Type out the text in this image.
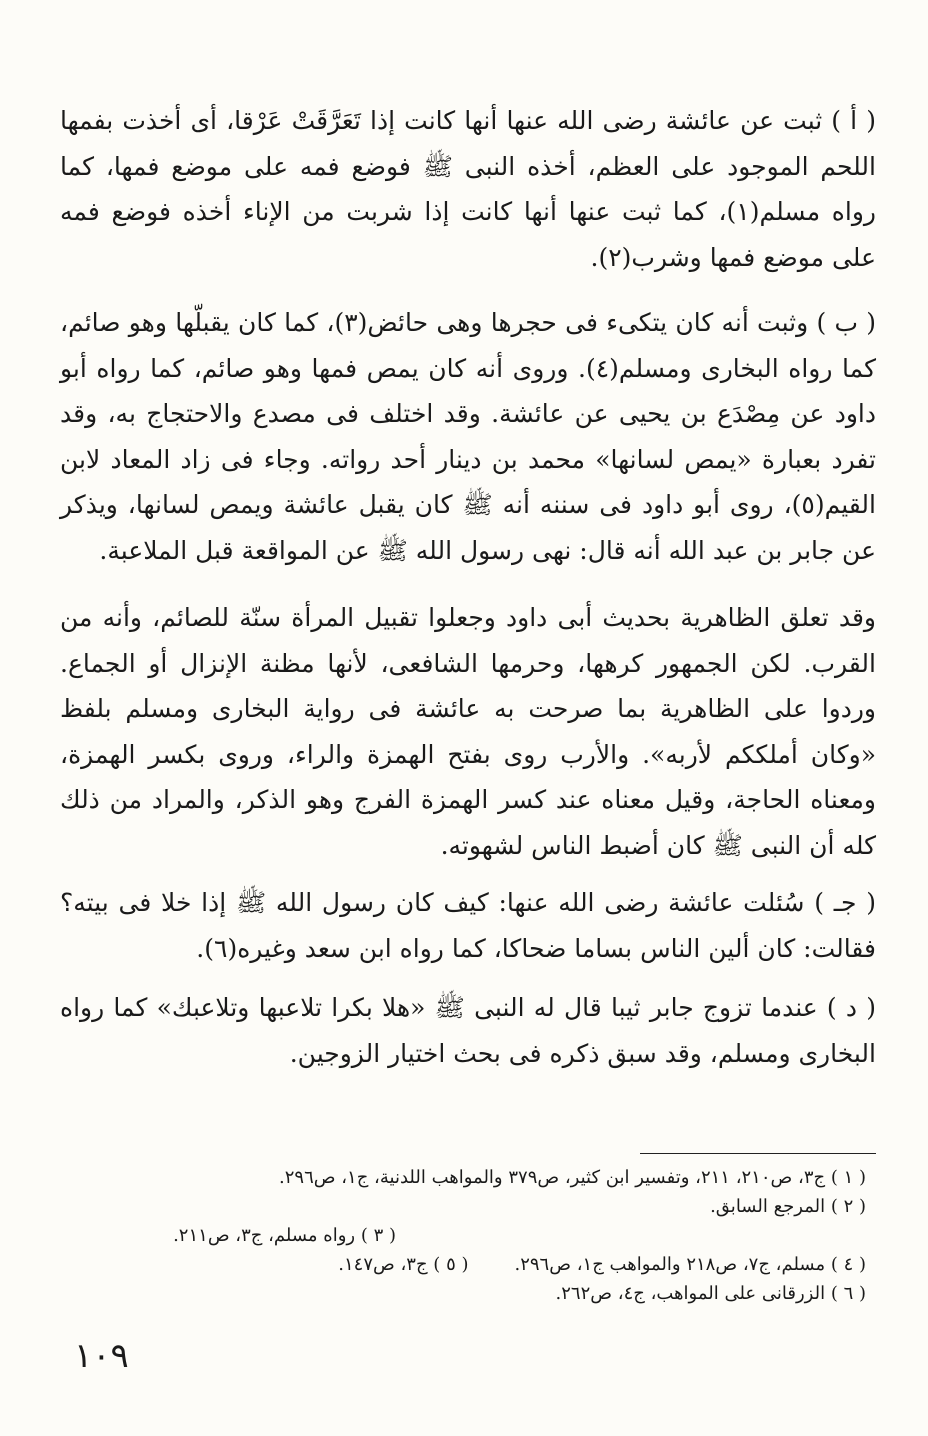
( أ ) ثبت عن عائشة رضى الله عنها أنها كانت إذا تَعَرَّقَتْ عَرْقا، أى أخذت بفمها اللحم الموجود على العظم، أخذه النبى ﷺ فوضع فمه على موضع فمها، كما رواه مسلم(١)، كما ثبت عنها أنها كانت إذا شربت من الإناء أخذه فوضع فمه على موضع فمها وشرب(٢).

( ب ) وثبت أنه كان يتكىء فى حجرها وهى حائض(٣)، كما كان يقبلّها وهو صائم، كما رواه البخارى ومسلم(٤). وروى أنه كان يمص فمها وهو صائم، كما رواه أبو داود عن مِصْدَع بن يحيى عن عائشة. وقد اختلف فى مصدع والاحتجاج به، وقد تفرد بعبارة «يمص لسانها» محمد بن دينار أحد رواته. وجاء فى زاد المعاد لابن القيم(٥)، روى أبو داود فى سننه أنه ﷺ كان يقبل عائشة ويمص لسانها، ويذكر عن جابر بن عبد الله أنه قال: نهى رسول الله ﷺ عن المواقعة قبل الملاعبة.

وقد تعلق الظاهرية بحديث أبى داود وجعلوا تقبيل المرأة سنّة للصائم، وأنه من القرب. لكن الجمهور كرهها، وحرمها الشافعى، لأنها مظنة الإنزال أو الجماع. وردوا على الظاهرية بما صرحت به عائشة فى رواية البخارى ومسلم بلفظ «وكان أملككم لأربه». والأرب روى بفتح الهمزة والراء، وروى بكسر الهمزة، ومعناه الحاجة، وقيل معناه عند كسر الهمزة الفرج وهو الذكر، والمراد من ذلك كله أن النبى ﷺ كان أضبط الناس لشهوته.

( جـ ) سُئلت عائشة رضى الله عنها: كيف كان رسول الله ﷺ إذا خلا فى بيته؟ فقالت: كان ألين الناس بساما ضحاكا، كما رواه ابن سعد وغيره(٦).

( د ) عندما تزوج جابر ثيبا قال له النبى ﷺ «هلا بكرا تلاعبها وتلاعبك» كما رواه البخارى ومسلم، وقد سبق ذكره فى بحث اختيار الزوجين.

( ١ ) ج٣، ص٢١٠، ٢١١، وتفسير ابن كثير، ص٣٧٩ والمواهب اللدنية، ج١، ص٢٩٦.
( ٢ ) المرجع السابق.
( ٣ ) رواه مسلم، ج٣، ص٢١١.
( ٤ ) مسلم، ج٧، ص٢١٨ والمواهب ج١، ص٢٩٦.
( ٥ ) ج٣، ص١٤٧.
( ٦ ) الزرقانى على المواهب، ج٤، ص٢٦٢.
١٠٩
